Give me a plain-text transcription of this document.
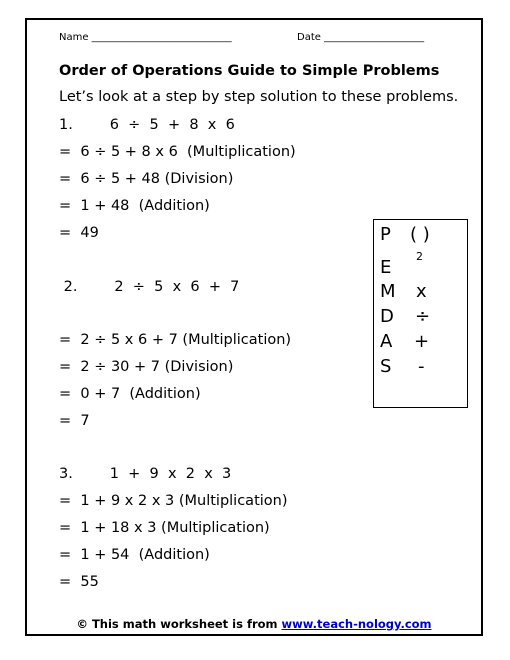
Name ____________________________	Date ____________________
Order of Operations Guide to Simple Problems
Let’s look at a step by step solution to these problems.
1.        6  ÷  5  +  8  x  6
=  6 ÷ 5 + 8 x 6  (Multiplication)
=  6 ÷ 5 + 48 (Division)
=  1 + 48  (Addition)
=  49
2.        2  ÷  5  x  6  +  7
=  2 ÷ 5 x 6 + 7 (Multiplication)
=  2 ÷ 30 + 7 (Division)
=  0 + 7  (Addition)
=  7
3.        1  +  9  x  2  x  3
=  1 + 9 x 2 x 3 (Multiplication)
=  1 + 18 x 3 (Multiplication)
=  1 + 54  (Addition)
=  55
P ( )
E
2
M x
D ÷
A +
S -
© This math worksheet is from www.teach-nology.com
